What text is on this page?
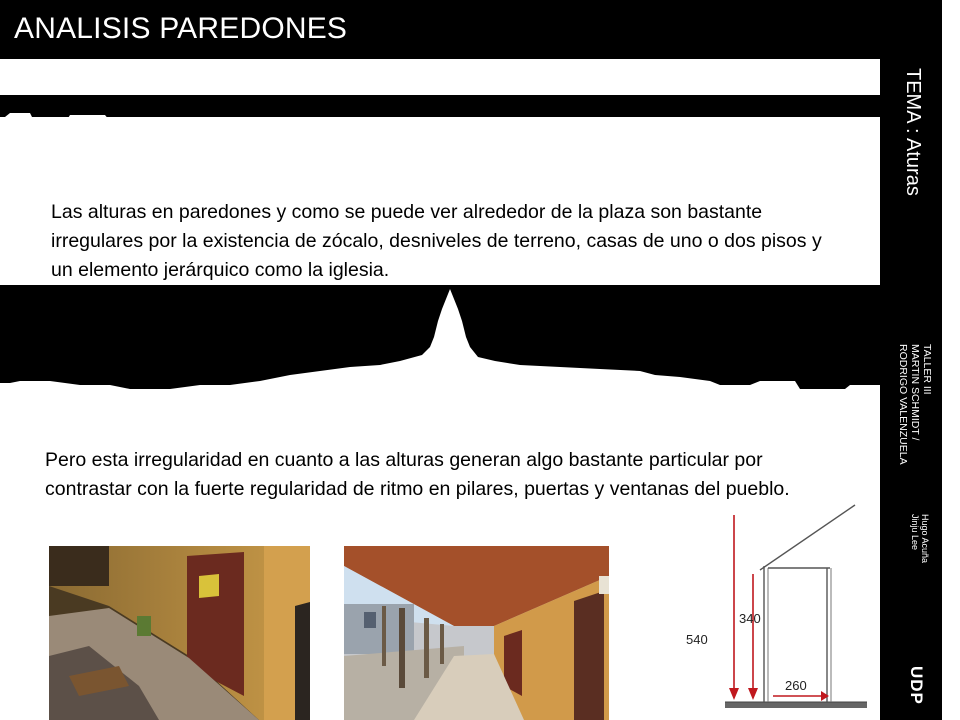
ANALISIS PAREDONES
TEMA : Aturas
TALLER III
MARTIN SCHMIDT /
RODRIGO VALENZUELA
Hugo Acuña
Jinju Lee
UDP

Las alturas en paredones y como se puede ver alrededor de la plaza son bastante irregulares por la existencia de zócalo, desniveles de terreno, casas de uno o dos pisos y un elemento jerárquico como la iglesia.

Pero esta irregularidad en cuanto a las alturas generan algo bastante particular por contrastar con la fuerte regularidad de ritmo en pilares, puertas y ventanas del pueblo.

340
540
260
